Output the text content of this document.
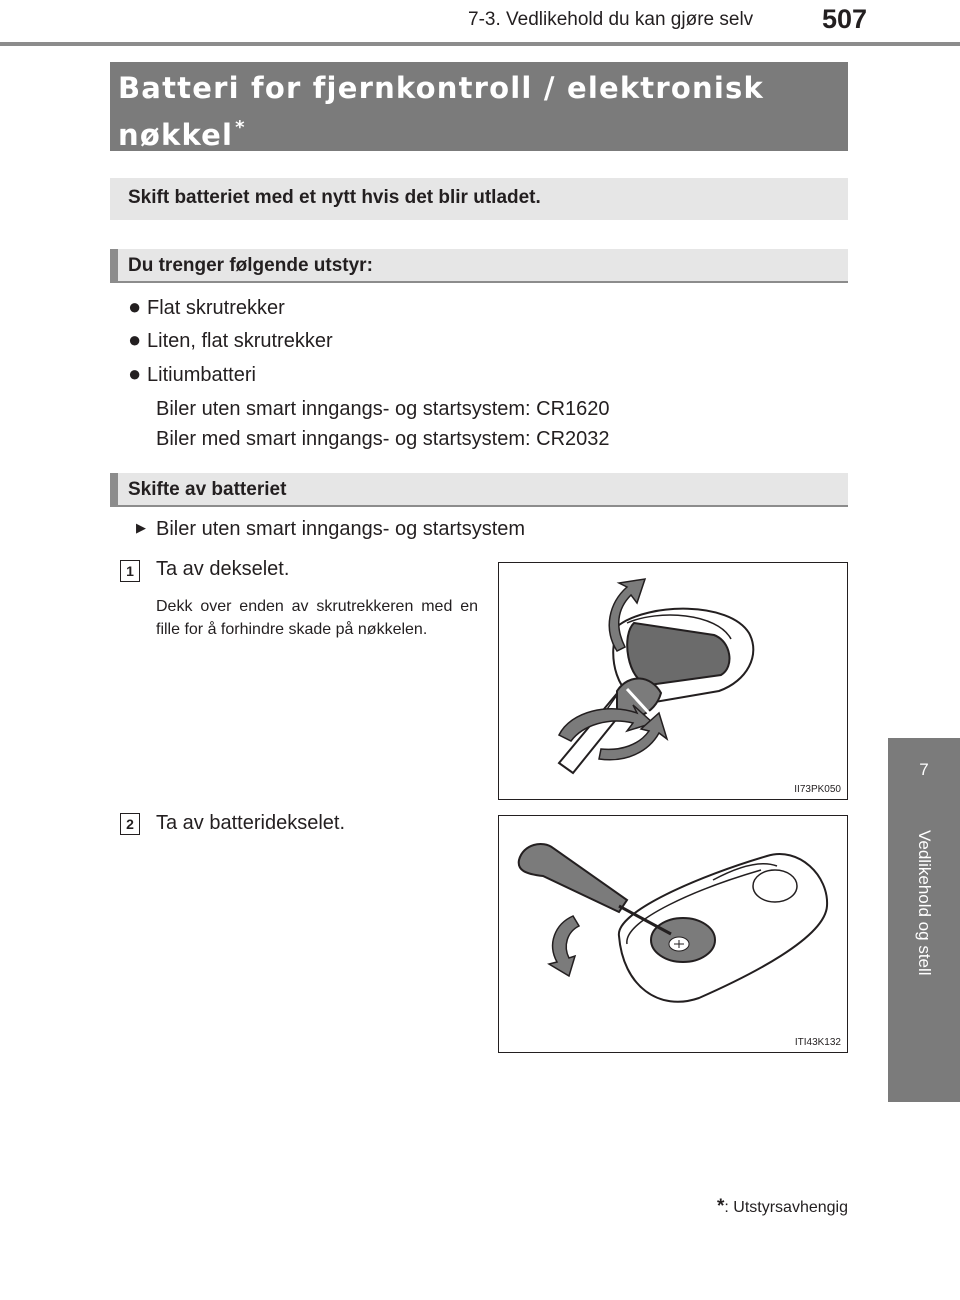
7-3. Vedlikehold du kan gjøre selv	507
7
Vedlikehold og stell
Batteri for fjernkontroll / elektronisk
nøkkel *
Skift batteriet med et nytt hvis det blir utladet.
Du trenger følgende utstyr:
● Flat skrutrekker
● Liten, flat skrutrekker
● Litiumbatteri
Biler uten smart inngangs- og startsystem: CR1620
Biler med smart inngangs- og startsystem: CR2032
Skifte av batteriet
▶ Biler uten smart inngangs- og startsystem
1	Ta av dekselet.
Dekk over enden av skrutrekkeren med en fille for å forhindre skade på nøkkelen.
II73PK050
2	Ta av batteridekselet.
ITI43K132
*: Utstyrsavhengig
